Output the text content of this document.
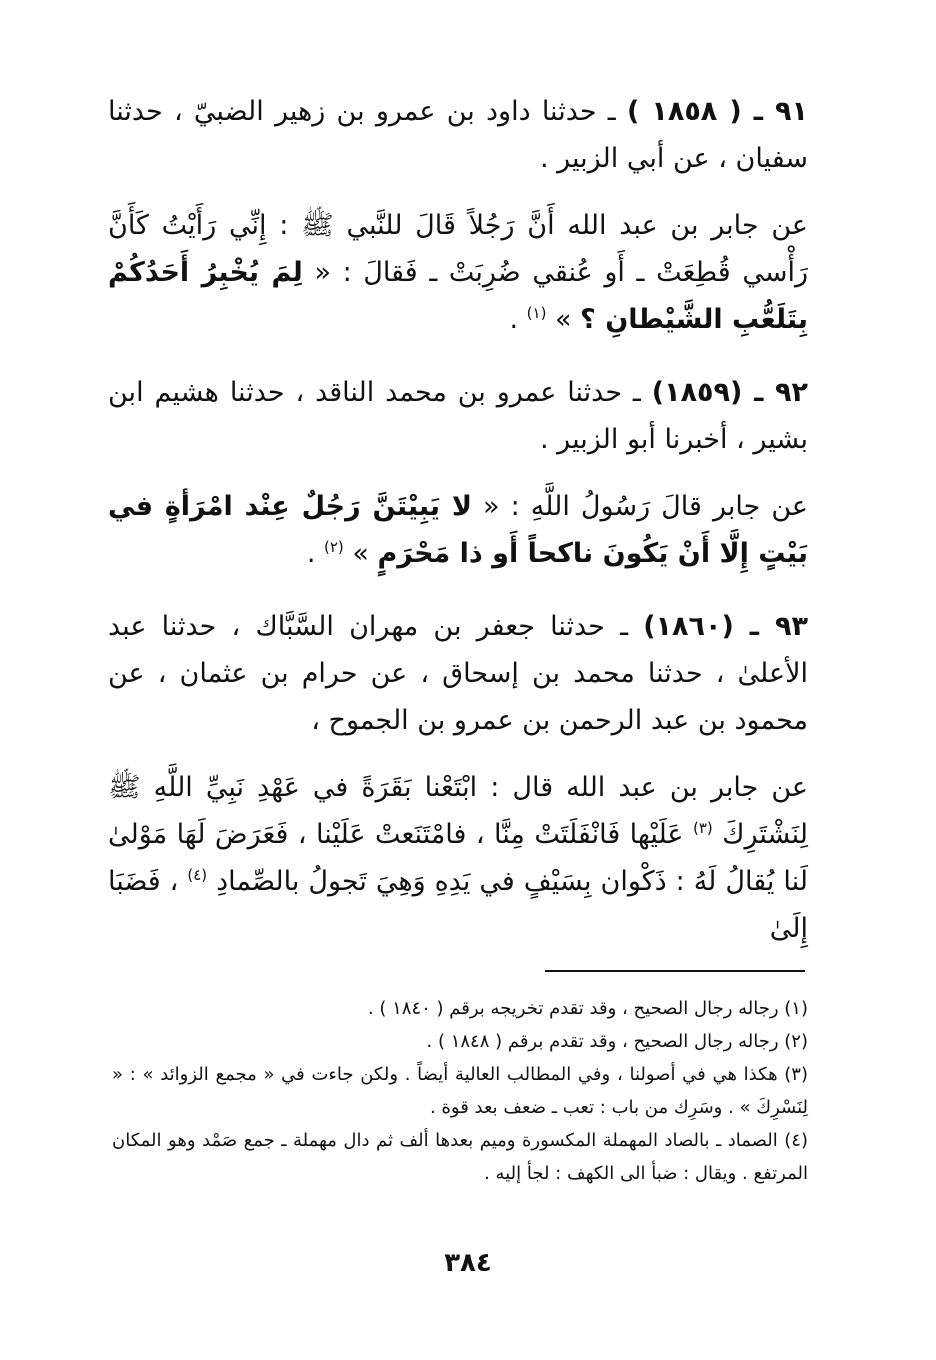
٩١ ـ ( ١٨٥٨ ) ـ حدثنا داود بن عمرو بن زهير الضبيّ ، حدثنا سفيان ، عن أبي الزبير .

عن جابر بن عبد الله أَنَّ رَجُلاً قَالَ للنَّبي ﷺ : إِنِّي رَأَيْتُ كَأَنَّ رَأْسي قُطِعَتْ ـ أَو عُنقي ضُرِبَتْ ـ فَقالَ : « لِمَ يُخْبِرُ أَحَدُكُمْ بِتَلَعُّبِ الشَّيْطانِ ؟ » $^{(١)}$ .

٩٢ ـ (١٨٥٩) ـ حدثنا عمرو بن محمد الناقد ، حدثنا هشيم ابن بشير ، أخبرنا أبو الزبير .

عن جابر قالَ رَسُولُ اللَّهِ : « لا يَبِيْتَنَّ رَجُلٌ عِنْد امْرَأةٍ في بَيْتٍ إِلَّا أَنْ يَكُونَ ناكحاً أَو ذا مَحْرَمٍ » $^{(٢)}$ .

٩٣ ـ (١٨٦٠) ـ حدثنا جعفر بن مهران السَّبَّاك ، حدثنا عبد الأعلىٰ ، حدثنا محمد بن إسحاق ، عن حرام بن عثمان ، عن محمود بن عبد الرحمن بن عمرو بن الجموح ،

عن جابر بن عبد الله قال : ابْتَعْنا بَقَرَةً في عَهْدِ نَبِيِّ اللَّهِ ﷺ لِنَشْتَرِكَ $^{(٣)}$ عَلَيْها فَانْفَلَتَتْ مِنَّا ، فامْتَنَعتْ عَلَيْنا ، فَعَرَضَ لَهَا مَوْلىٰ لَنا يُقالُ لَهُ : ذَكْوان بِسَيْفٍ في يَدِهِ وَهِيَ تَجولُ بالصِّمادِ $^{(٤)}$ ، فَضَبَا إِلَىٰ

(١) رجاله رجال الصحيح ، وقد تقدم تخريجه برقم ( ١٨٤٠ ) .

(٢) رجاله رجال الصحيح ، وقد تقدم برقم ( ١٨٤٨ ) .

(٣) هكذا هي في أصولنا ، وفي المطالب العالية أيضاً . ولكن جاءت في « مجمع الزوائد » : « لِنَسْرِكَ » . وسَرِك من باب : تعب ـ ضعف بعد قوة .

(٤) الصماد ـ بالصاد المهملة المكسورة وميم بعدها ألف ثم دال مهملة ـ جمع صَمْد وهو المكان المرتفع . ويقال : ضبأ الى الكهف : لجأ إليه .

٣٨٤
